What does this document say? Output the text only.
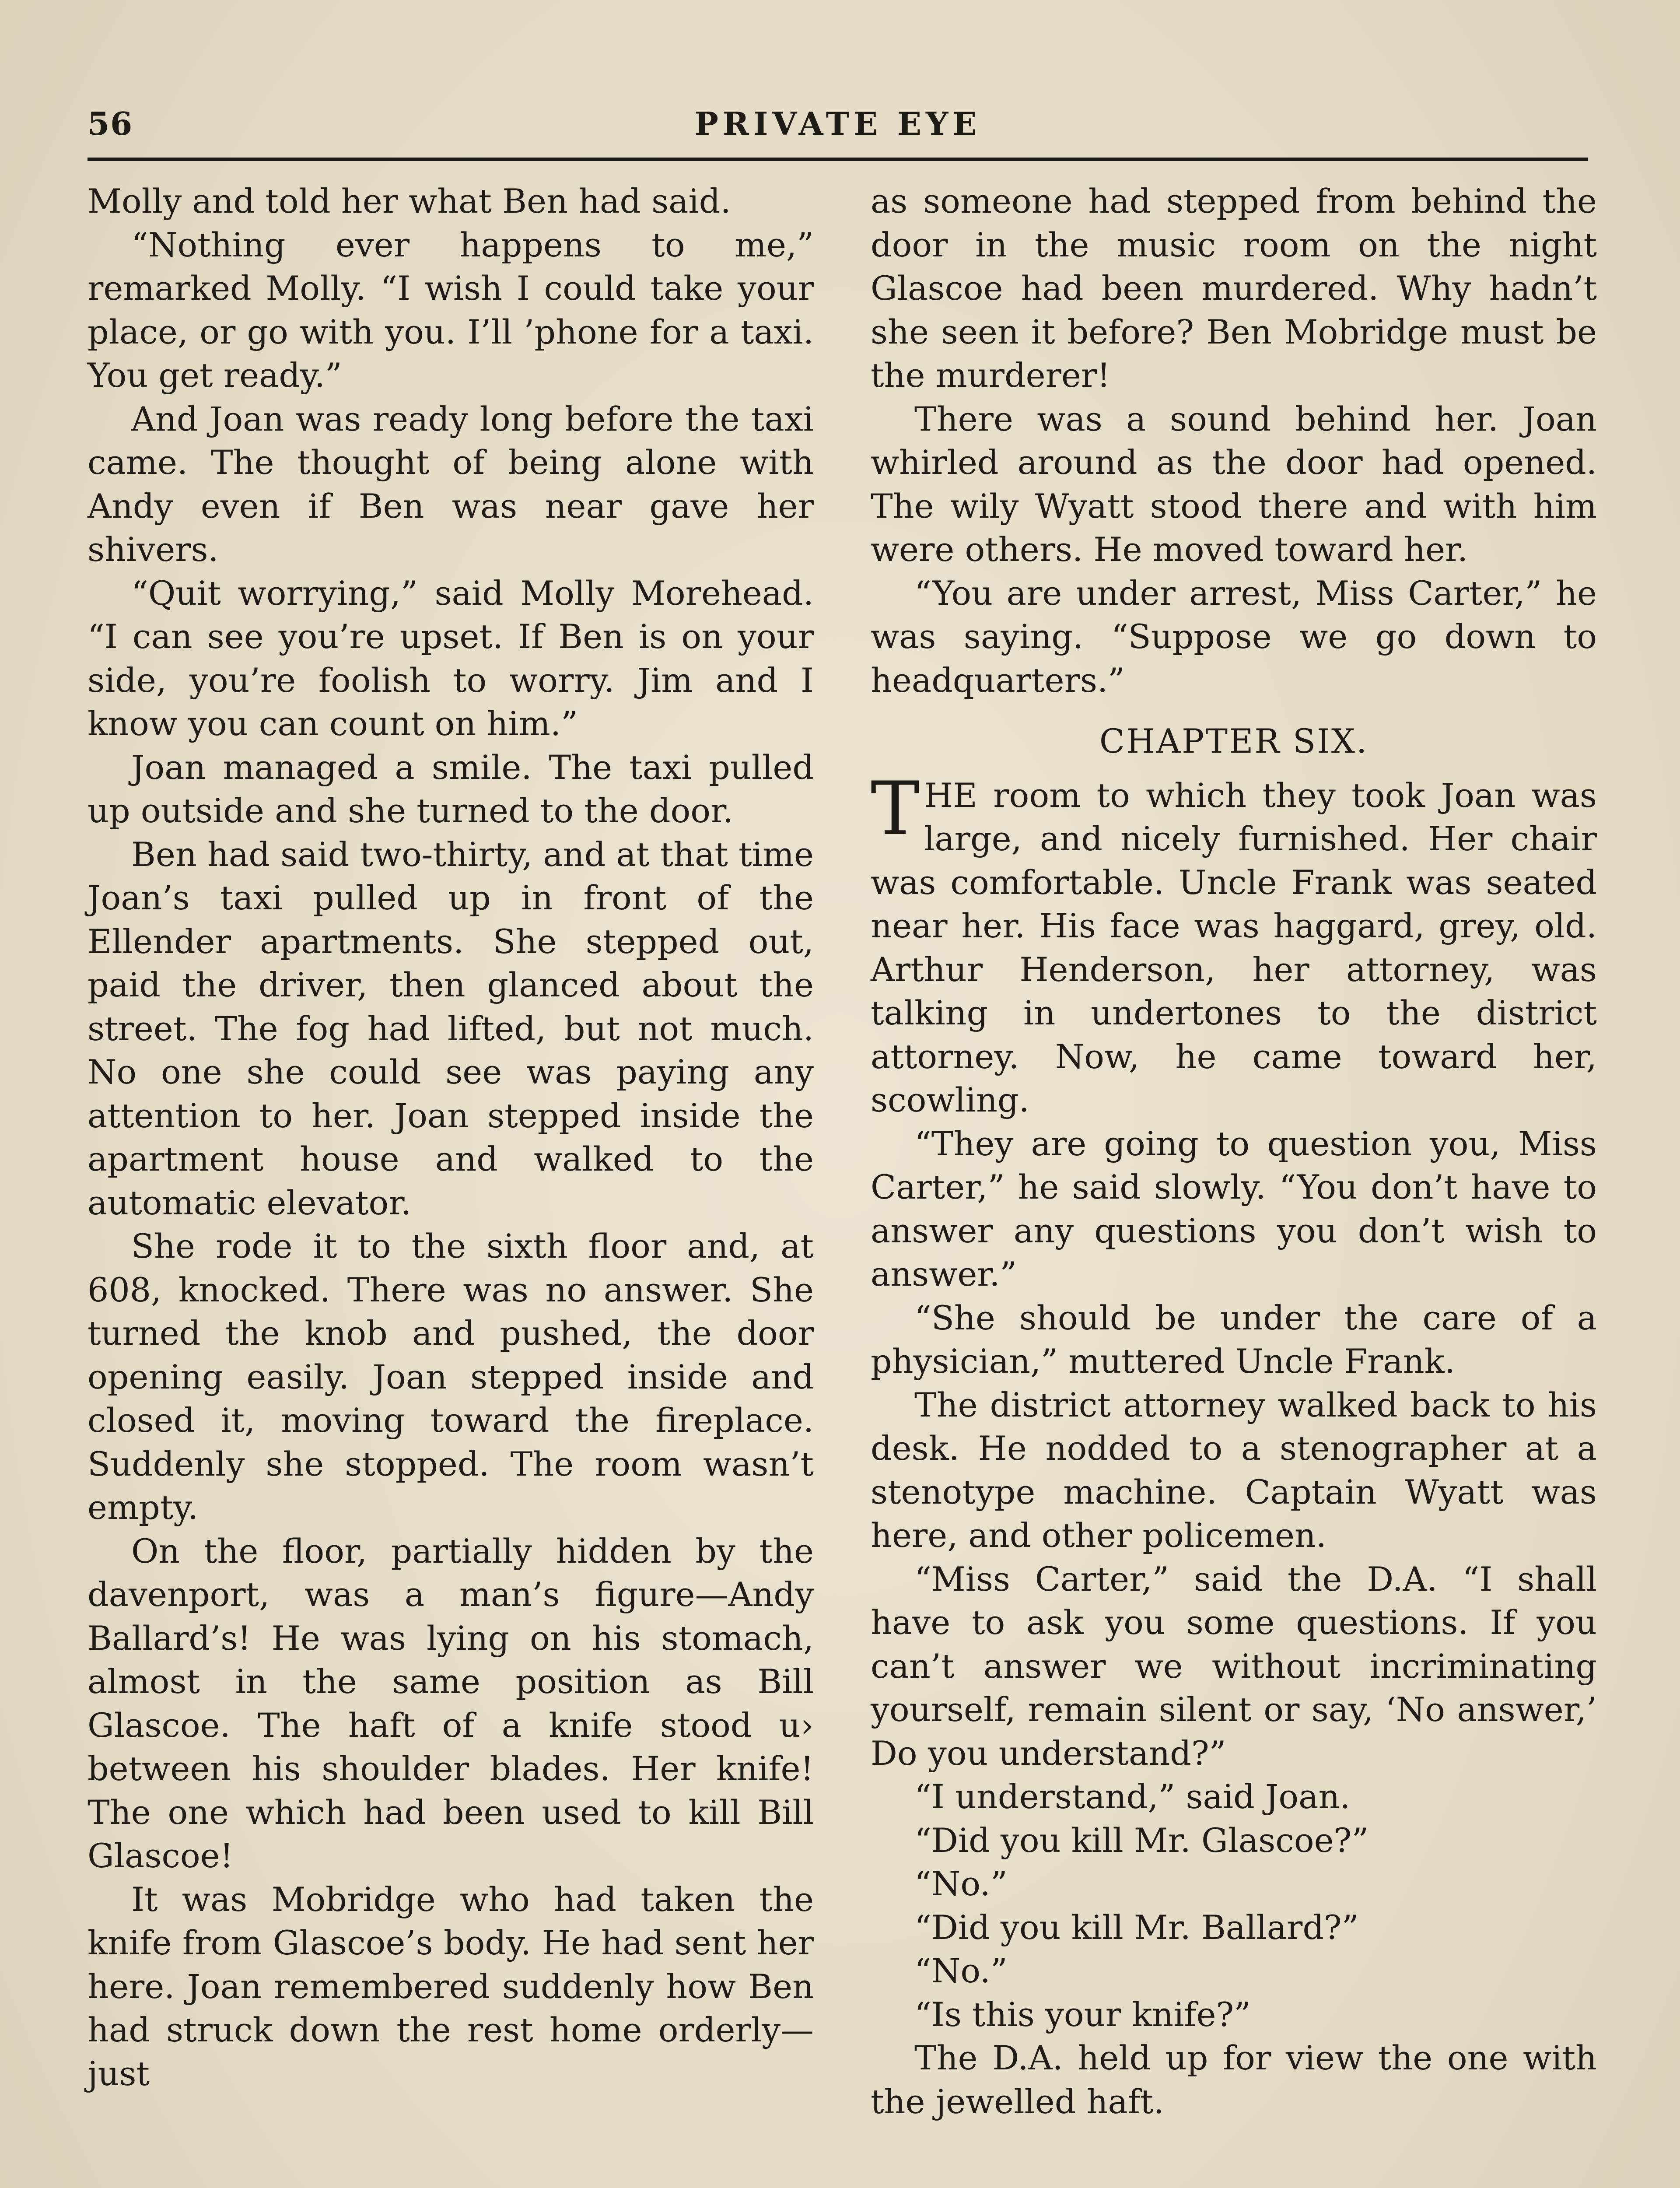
56	PRIVATE EYE

Molly and told her what Ben had said.

“Nothing ever happens to me,” remarked Molly. “I wish I could take your place, or go with you. I’ll ’phone for a taxi. You get ready.”

And Joan was ready long before the taxi came. The thought of being alone with Andy even if Ben was near gave her shivers.

“Quit worrying,” said Molly Morehead. “I can see you’re upset. If Ben is on your side, you’re foolish to worry. Jim and I know you can count on him.”

Joan managed a smile. The taxi pulled up outside and she turned to the door.

Ben had said two-thirty, and at that time Joan’s taxi pulled up in front of the Ellender apartments. She stepped out, paid the driver, then glanced about the street. The fog had lifted, but not much. No one she could see was paying any attention to her. Joan stepped inside the apartment house and walked to the automatic elevator.

She rode it to the sixth floor and, at 608, knocked. There was no answer. She turned the knob and pushed, the door opening easily. Joan stepped inside and closed it, moving toward the fireplace. Suddenly she stopped. The room wasn’t empty.

On the floor, partially hidden by the davenport, was a man’s figure—Andy Ballard’s! He was lying on his stomach, almost in the same position as Bill Glascoe. The haft of a knife stood u› between his shoulder blades. Her knife! The one which had been used to kill Bill Glascoe!

It was Mobridge who had taken the knife from Glascoe’s body. He had sent her here. Joan remembered suddenly how Ben had struck down the rest home orderly—just

as someone had stepped from behind the door in the music room on the night Glascoe had been murdered. Why hadn’t she seen it before? Ben Mobridge must be the murderer!

There was a sound behind her. Joan whirled around as the door had opened. The wily Wyatt stood there and with him were others. He moved toward her.

“You are under arrest, Miss Carter,” he was saying. “Suppose we go down to headquarters.”

CHAPTER SIX.

THE room to which they took Joan was large, and nicely furnished. Her chair was comfortable. Uncle Frank was seated near her. His face was haggard, grey, old. Arthur Henderson, her attorney, was talking in undertones to the district attorney. Now, he came toward her, scowling.

“They are going to question you, Miss Carter,” he said slowly. “You don’t have to answer any questions you don’t wish to answer.”

“She should be under the care of a physician,” muttered Uncle Frank.

The district attorney walked back to his desk. He nodded to a stenographer at a stenotype machine. Captain Wyatt was here, and other policemen.

“Miss Carter,” said the D.A. “I shall have to ask you some questions. If you can’t answer we without incriminating yourself, remain silent or say, ‘No answer,’ Do you understand?”

“I understand,” said Joan.

“Did you kill Mr. Glascoe?”

“No.”

“Did you kill Mr. Ballard?”

“No.”

“Is this your knife?”

The D.A. held up for view the one with the jewelled haft.
